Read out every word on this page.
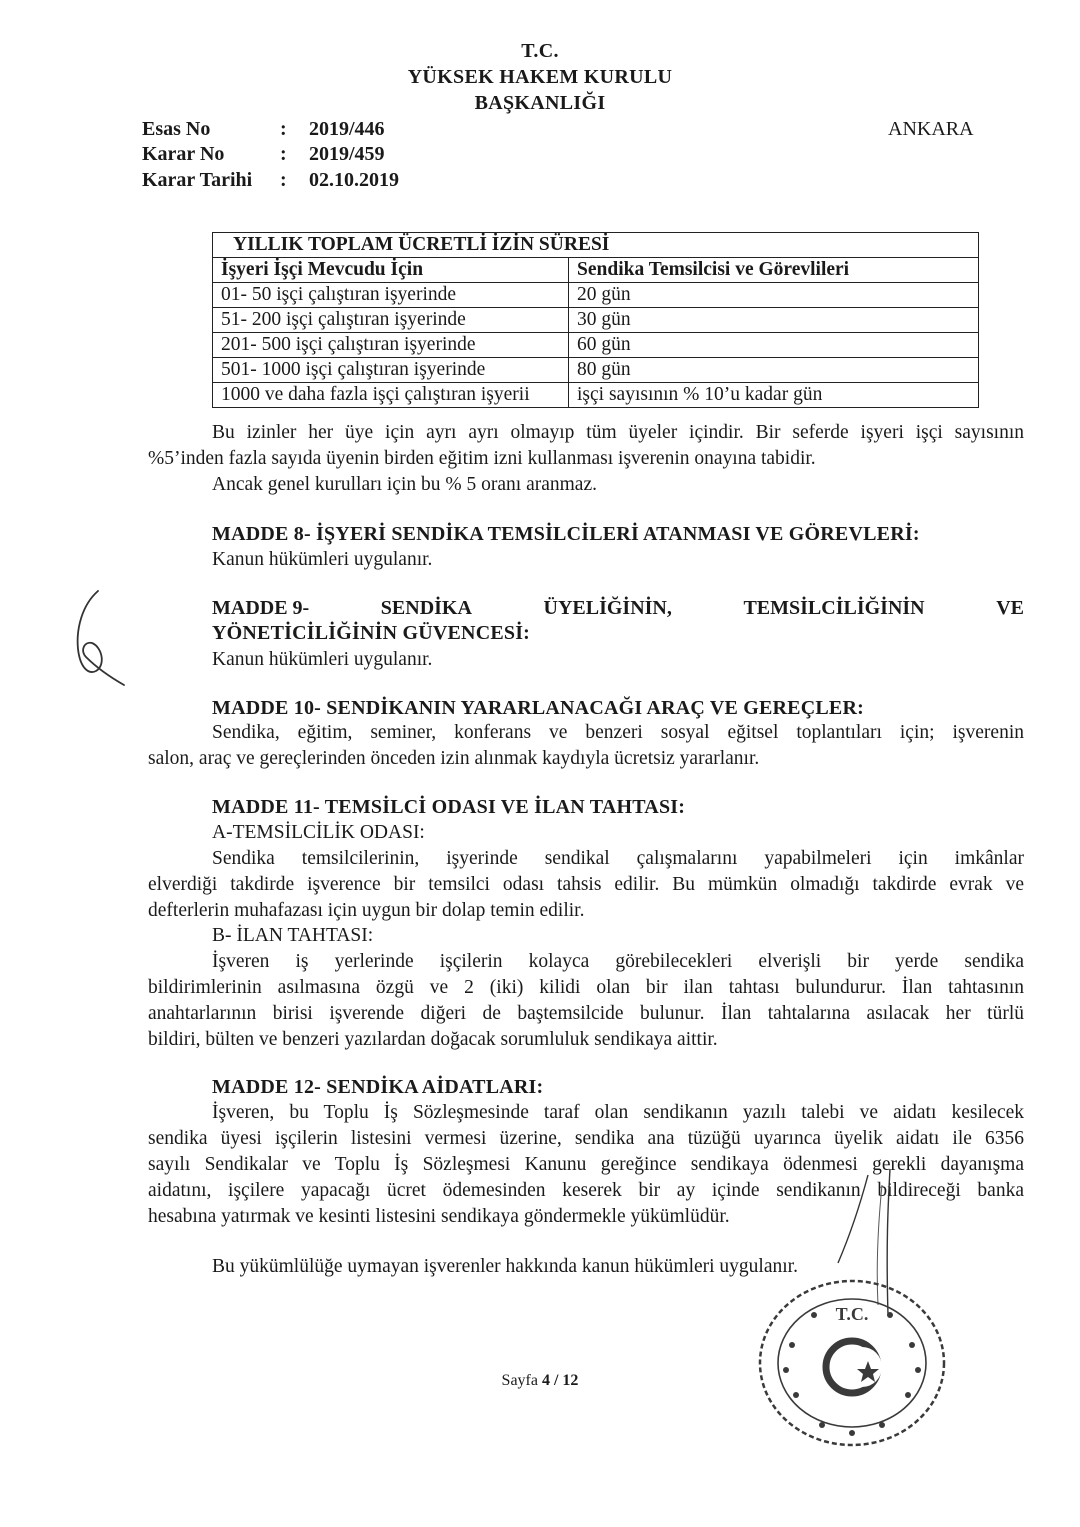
T.C.
YÜKSEK HAKEM KURULU
BAŞKANLIĞI
Esas No	: 2019/446
Karar No	: 2019/459
Karar Tarihi : 02.10.2019
ANKARA
YILLIK TOPLAM ÜCRETLİ İZİN SÜRESİ	
İşyeri İşçi Mevcudu İçin	Sendika Temsilcisi ve Görevlileri
01- 50 işçi çalıştıran işyerinde	20 gün
51- 200 işçi çalıştıran işyerinde	30 gün
201- 500 işçi çalıştıran işyerinde	60 gün
501- 1000 işçi çalıştıran işyerinde	80 gün
1000 ve daha fazla işçi çalıştıran işyerii	işçi sayısının % 10’u kadar gün
Bu izinler her üye için ayrı ayrı olmayıp tüm üyeler içindir. Bir seferde işyeri işçi sayısının
%5’inden fazla sayıda üyenin birden eğitim izni kullanması işverenin onayına tabidir.
Ancak genel kurulları için bu % 5 oranı aranmaz.
MADDE 8- İŞYERİ SENDİKA TEMSİLCİLERİ ATANMASI VE GÖREVLERİ:
Kanun hükümleri uygulanır.
MADDE 9-	SENDİKA	ÜYELİĞİNİN,	TEMSİLCİLİĞİNİN	VE
YÖNETİCİLİĞİNİN GÜVENCESİ:
Kanun hükümleri uygulanır.
MADDE 10- SENDİKANIN YARARLANACAĞI ARAÇ VE GEREÇLER:
Sendika, eğitim, seminer, konferans ve benzeri sosyal eğitsel toplantıları için; işverenin
salon, araç ve gereçlerinden önceden izin alınmak kaydıyla ücretsiz yararlanır.
MADDE 11- TEMSİLCİ ODASI VE İLAN TAHTASI:
A-TEMSİLCİLİK ODASI:
Sendika temsilcilerinin, işyerinde sendikal çalışmalarını yapabilmeleri için imkânlar
elverdiği takdirde işverence bir temsilci odası tahsis edilir. Bu mümkün olmadığı takdirde evrak ve
defterlerin muhafazası için uygun bir dolap temin edilir.
B- İLAN TAHTASI:
İşveren iş yerlerinde işçilerin kolayca görebilecekleri elverişli bir yerde sendika
bildirimlerinin asılmasına özgü ve 2 (iki) kilidi olan bir ilan tahtası bulundurur. İlan tahtasının
anahtarlarının birisi işverende diğeri de baştemsilcide bulunur. İlan tahtalarına asılacak her türlü
bildiri, bülten ve benzeri yazılardan doğacak sorumluluk sendikaya aittir.
MADDE 12- SENDİKA AİDATLARI:
İşveren, bu Toplu İş Sözleşmesinde taraf olan sendikanın yazılı talebi ve aidatı kesilecek
sendika üyesi işçilerin listesini vermesi üzerine, sendika ana tüzüğü uyarınca üyelik aidatı ile 6356
sayılı Sendikalar ve Toplu İş Sözleşmesi Kanunu gereğince sendikaya ödenmesi gerekli dayanışma
aidatını, işçilere yapacağı ücret ödemesinden keserek bir ay içinde sendikanın bildireceği banka
hesabına yatırmak ve kesinti listesini sendikaya göndermekle yükümlüdür.
Bu yükümlülüğe uymayan işverenler hakkında kanun hükümleri uygulanır.
Sayfa 4 / 12
T.C.
